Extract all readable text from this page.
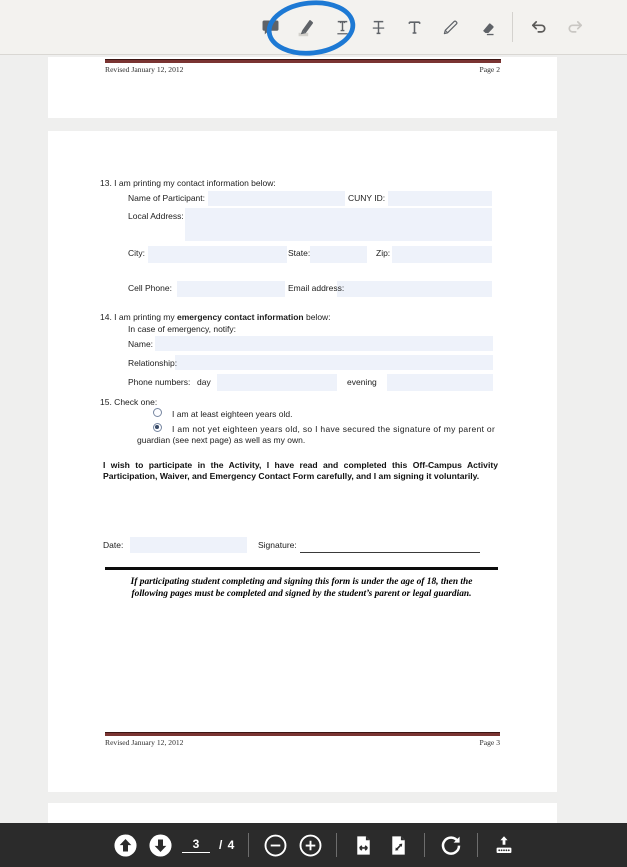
Revised January 12, 2012	Page 2
13. I am printing my contact information below:
Name of Participant:	CUNY ID:
Local Address:
City:	State:	Zip:
Cell Phone:	Email address:
14. I am printing my emergency contact information below:
In case of emergency, notify:
Name:
Relationship:
Phone numbers: day	evening
15. Check one:
I am at least eighteen years old.
I am not yet eighteen years old, so I have secured the signature of my parent or
guardian (see next page) as well as my own.
I wish to participate in the Activity, I have read and completed this Off-Campus Activity Participation, Waiver, and Emergency Contact Form carefully, and I am signing it voluntarily.
Date:	Signature:
If participating student completing and signing this form is under the age of 18, then the
following pages must be completed and signed by the student’s parent or legal guardian.
Revised January 12, 2012	Page 3
3
/ 4
